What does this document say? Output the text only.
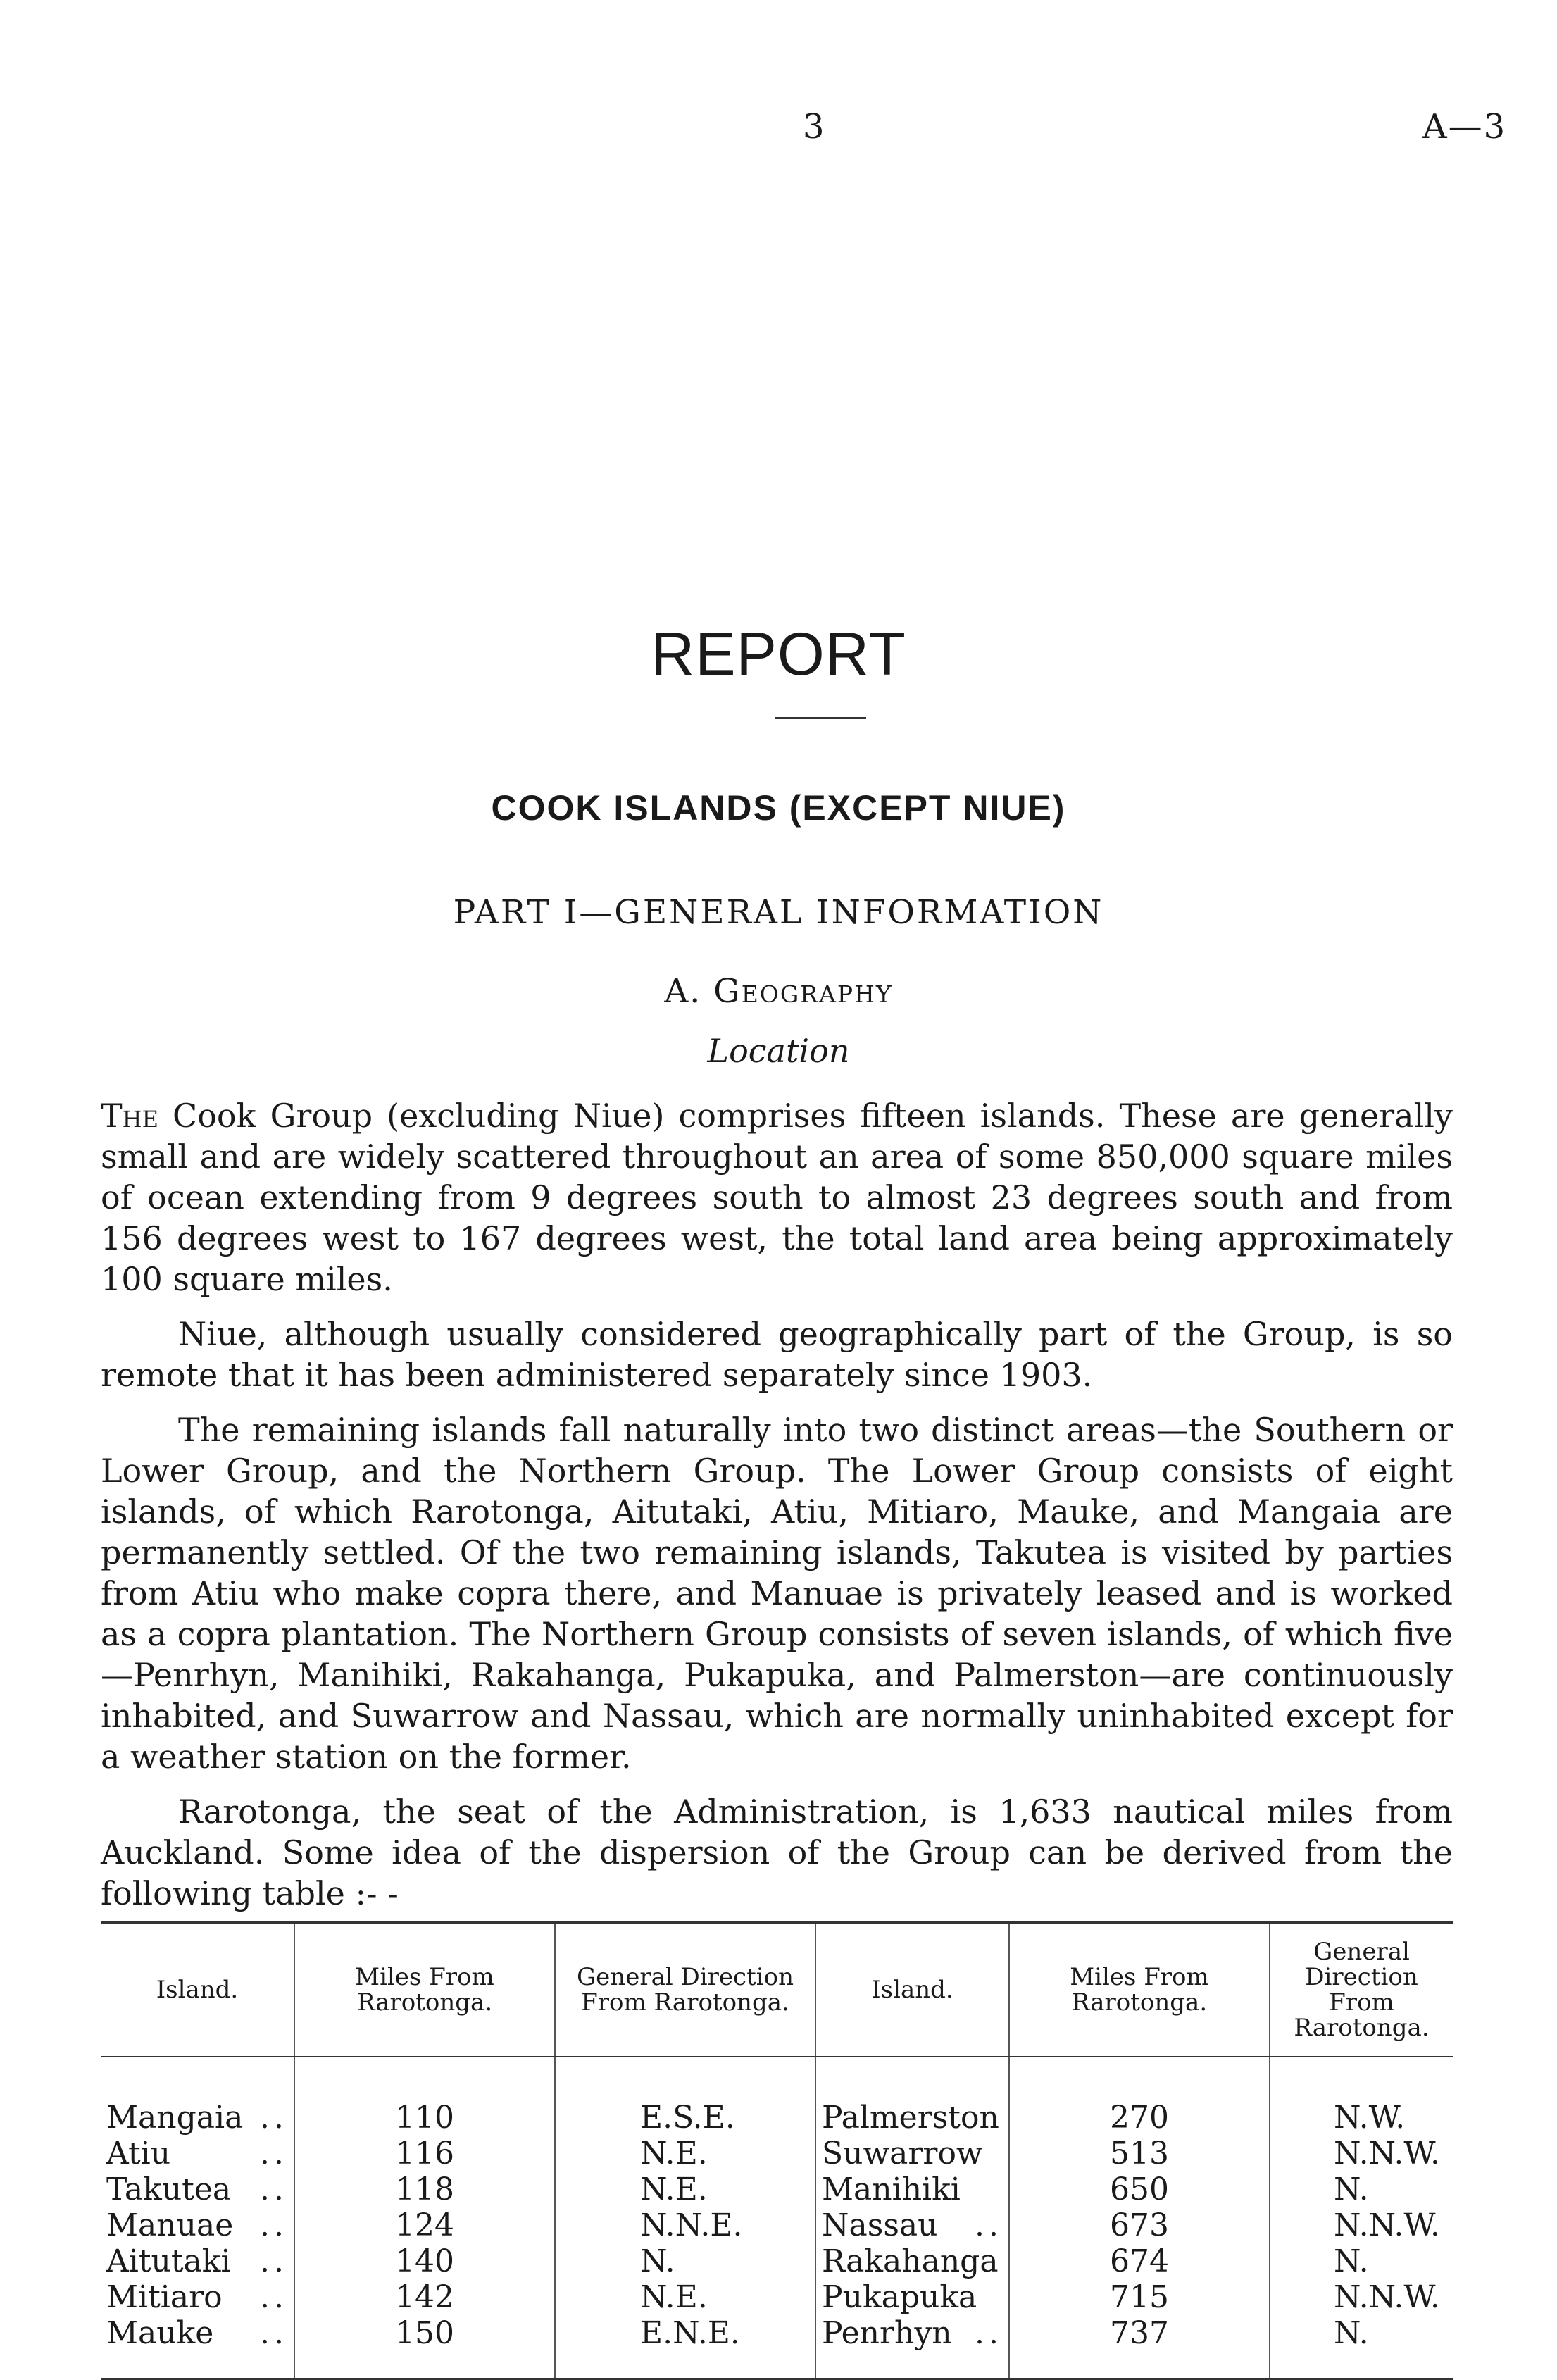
3	A—3
REPORT
COOK ISLANDS (EXCEPT NIUE)
PART I—GENERAL INFORMATION
A. Geography
Location

The Cook Group (excluding Niue) comprises fifteen islands. These are generally small and are widely scattered throughout an area of some 850,000 square miles of ocean extending from 9 degrees south to almost 23 degrees south and from 156 degrees west to 167 degrees west, the total land area being approximately 100 square miles.

Niue, although usually considered geographically part of the Group, is so remote that it has been administered separately since 1903.

The remaining islands fall naturally into two distinct areas—the Southern or Lower Group, and the Northern Group. The Lower Group consists of eight islands, of which Rarotonga, Aitutaki, Atiu, Mitiaro, Mauke, and Mangaia are permanently settled. Of the two remaining islands, Takutea is visited by parties from Atiu who make copra there, and Manuae is privately leased and is worked as a copra plantation. The Northern Group consists of seven islands, of which five—Penrhyn, Manihiki, Rakahanga, Pukapuka, and Palmerston—are continuously inhabited, and Suwarrow and Nassau, which are normally uninhabited except for a weather station on the former.

Rarotonga, the seat of the Administration, is 1,633 nautical miles from Auckland. Some idea of the dispersion of the Group can be derived from the following table :- -

Island.	Miles From Rarotonga.	General Direction From Rarotonga.	Island.	Miles From Rarotonga.	General Direction From Rarotonga.

Mangaia ..	110	E.S.E.	Palmerston	270	N.W.
Atiu ..	116	N.E.	Suwarrow	513	N.N.W.
Takutea ..	118	N.E.	Manihiki	650	N.
Manuae ..	124	N.N.E.	Nassau ..	673	N.N.W.
Aitutaki ..	140	N.	Rakahanga	674	N.
Mitiaro ..	142	N.E.	Pukapuka	715	N.N.W.
Mauke ..	150	E.N.E.	Penrhyn ..	737	N.
